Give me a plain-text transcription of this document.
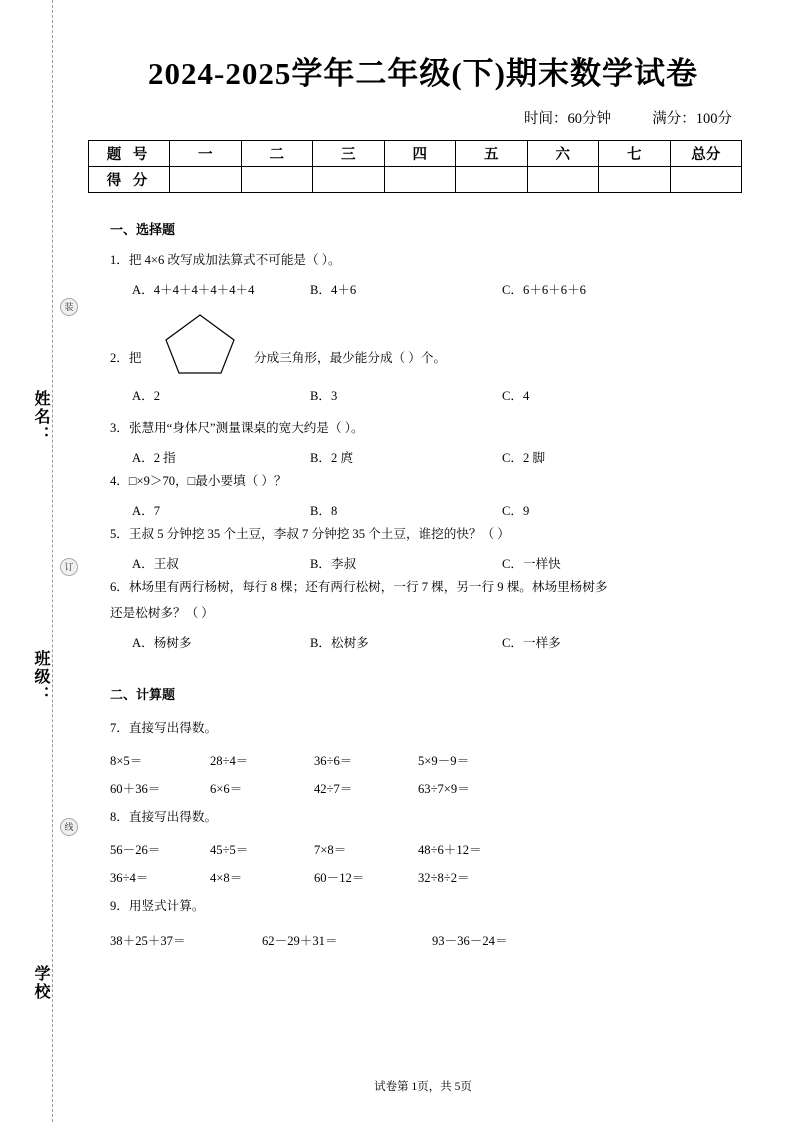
姓名：
班级：
学校
装
订
线
2024-2025学年二年级(下)期末数学试卷
时间：60分钟	满分：100分
题 号	一	二	三	四	五	六	七	总分
得 分								
一、选择题
1．把 4×6 改写成加法算式不可能是（ ）。
A．4＋4＋4＋4＋4＋4	B．4＋6	C．6＋6＋6＋6
2．把	分成三角形，最少能分成（ ）个。
A．2	B．3	C．4
3．张慧用“身体尺”测量课桌的宽大约是（ ）。
A．2 指	B．2 庹	C．2 脚
4．□×9＞70，□最小要填（ ）？
A．7	B．8	C．9
5．王叔 5 分钟挖 35 个土豆，李叔 7 分钟挖 35 个土豆，谁挖的快？（ ）
A．王叔	B．李叔	C．一样快
6．林场里有两行杨树，每行 8 棵；还有两行松树，一行 7 棵，另一行 9 棵。林场里杨树多
还是松树多？（ ）
A．杨树多	B．松树多	C．一样多
二、计算题
7．直接写出得数。
8×5＝	28÷4＝	36÷6＝	5×9－9＝
60＋36＝	6×6＝	42÷7＝	63÷7×9＝
8．直接写出得数。
56－26＝	45÷5＝	7×8＝	48÷6＋12＝
36÷4＝	4×8＝	60－12＝	32÷8÷2＝
9．用竖式计算。
38＋25＋37＝	62－29＋31＝	93－36－24＝
试卷第 1页，共 5页
